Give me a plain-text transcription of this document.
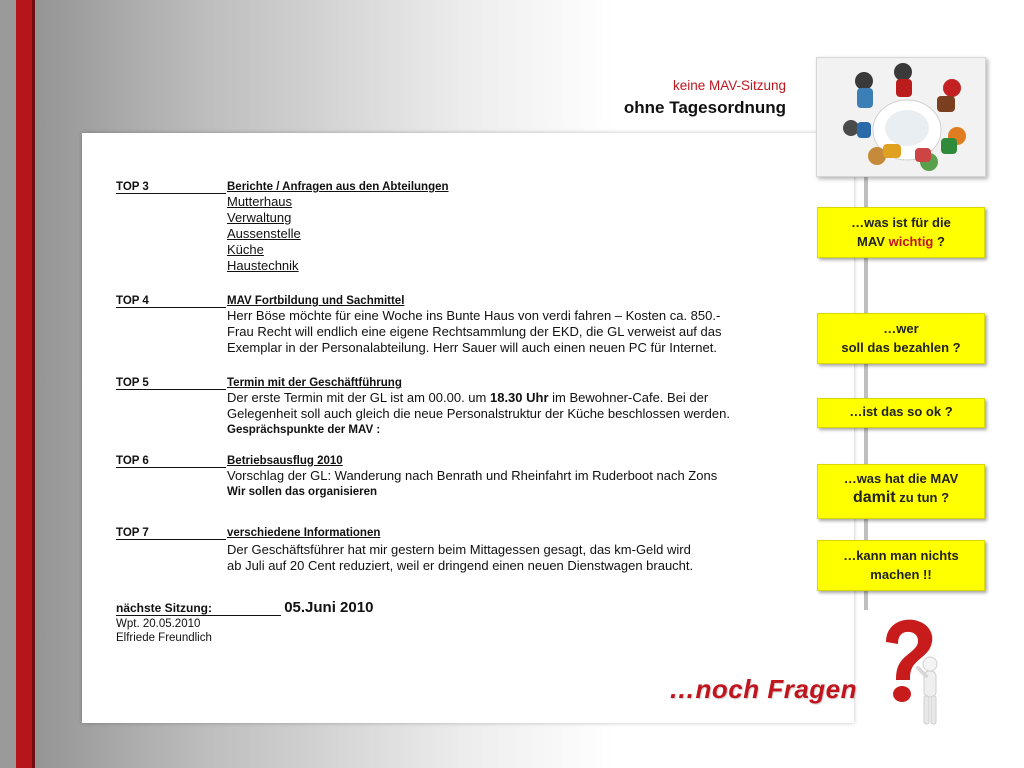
keine MAV-Sitzung
ohne Tagesordnung
TOP 3	Berichte / Anfragen aus den Abteilungen
Mutterhaus
Verwaltung
Aussenstelle
Küche
Haustechnik
TOP 4	MAV Fortbildung und Sachmittel
Herr Böse möchte für eine Woche ins Bunte Haus von verdi fahren – Kosten ca. 850.-
Frau Recht will endlich eine eigene Rechtsammlung der EKD, die GL verweist auf das
Exemplar in der Personalabteilung. Herr Sauer will auch einen neuen PC für Internet.
TOP 5	Termin mit der Geschäftführung
Der erste Termin mit der GL ist am 00.00. um 18.30 Uhr im Bewohner-Cafe. Bei der
Gelegenheit soll auch gleich die neue Personalstruktur der Küche beschlossen werden.
Gesprächspunkte der MAV :
TOP 6	Betriebsausflug 2010
Vorschlag der GL: Wanderung nach Benrath und Rheinfahrt im Ruderboot nach Zons
Wir sollen das organisieren
TOP 7	verschiedene Informationen
Der Geschäftsführer hat mir gestern beim Mittagessen gesagt, das km-Geld wird
ab Juli auf 20 Cent reduziert, weil er dringend einen neuen Dienstwagen braucht.
nächste Sitzung:	05.Juni 2010
Wpt. 20.05.2010
Elfriede Freundlich
…was ist für die
MAV wichtig ?
…wer
soll das bezahlen ?
…ist das so ok ?
…was hat die MAV
damit zu tun ?
…kann man nichts
machen !!
…noch Fragen
